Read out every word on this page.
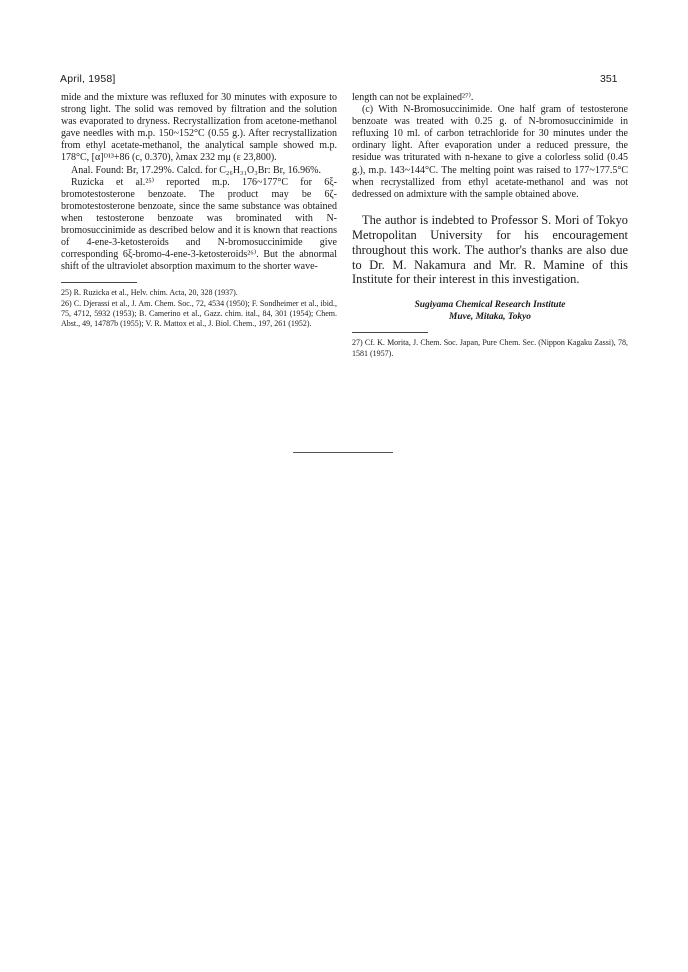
April, 1958]	351

mide and the mixture was refluxed for 30 minutes with exposure to strong light. The solid was removed by filtration and the solution was evaporated to dryness. Recrystallization from acetone-methanol gave needles with m.p. 150~152°C (0.55 g.). After recrystallization from ethyl acetate-methanol, the analytical sample showed m.p. 178°C, [α]ᴰ¹³+86 (c, 0.370), λmax 232 mμ (ε 23,800).

Anal. Found: Br, 17.29%. Calcd. for C₂₆H₃₁O₃Br: Br, 16.96%.

Ruzicka et al.²⁵⁾ reported m.p. 176~177°C for 6ξ-bromotestosterone benzoate. The product may be 6ζ-bromotestosterone benzoate, since the same substance was obtained when testosterone benzoate was brominated with N-bromosuccinimide as described below and it is known that reactions of 4-ene-3-ketosteroids and N-bromosuccinimide give corresponding 6ξ-bromo-4-ene-3-ketosteroids²⁶⁾. But the abnormal shift of the ultraviolet absorption maximum to the shorter wave-

25) R. Ruzicka et al., Helv. chim. Acta, 20, 328 (1937).

26) C. Djerassi et al., J. Am. Chem. Soc., 72, 4534 (1950); F. Sondheimer et al., ibid., 75, 4712, 5932 (1953); B. Camerino et al., Gazz. chim. ital., 84, 301 (1954); Chem. Abst., 49, 14787b (1955); V. R. Mattox et al., J. Biol. Chem., 197, 261 (1952).

length can not be explained²⁷⁾.

(c) With N-Bromosuccinimide. One half gram of testosterone benzoate was treated with 0.25 g. of N-bromosuccinimide in refluxing 10 ml. of carbon tetrachloride for 30 minutes under the ordinary light. After evaporation under a reduced pressure, the residue was triturated with n-hexane to give a colorless solid (0.45 g.), m.p. 143~144°C. The melting point was raised to 177~177.5°C when recrystallized from ethyl acetate-methanol and was not dedressed on admixture with the sample obtained above.

The author is indebted to Professor S. Mori of Tokyo Metropolitan University for his encouragement throughout this work. The author's thanks are also due to Dr. M. Nakamura and Mr. R. Mamine of this Institute for their interest in this investigation.

Sugiyama Chemical Research Institute
Muve, Mitaka, Tokyo

27) Cf. K. Morita, J. Chem. Soc. Japan, Pure Chem. Sec. (Nippon Kagaku Zassi), 78, 1581 (1957).
